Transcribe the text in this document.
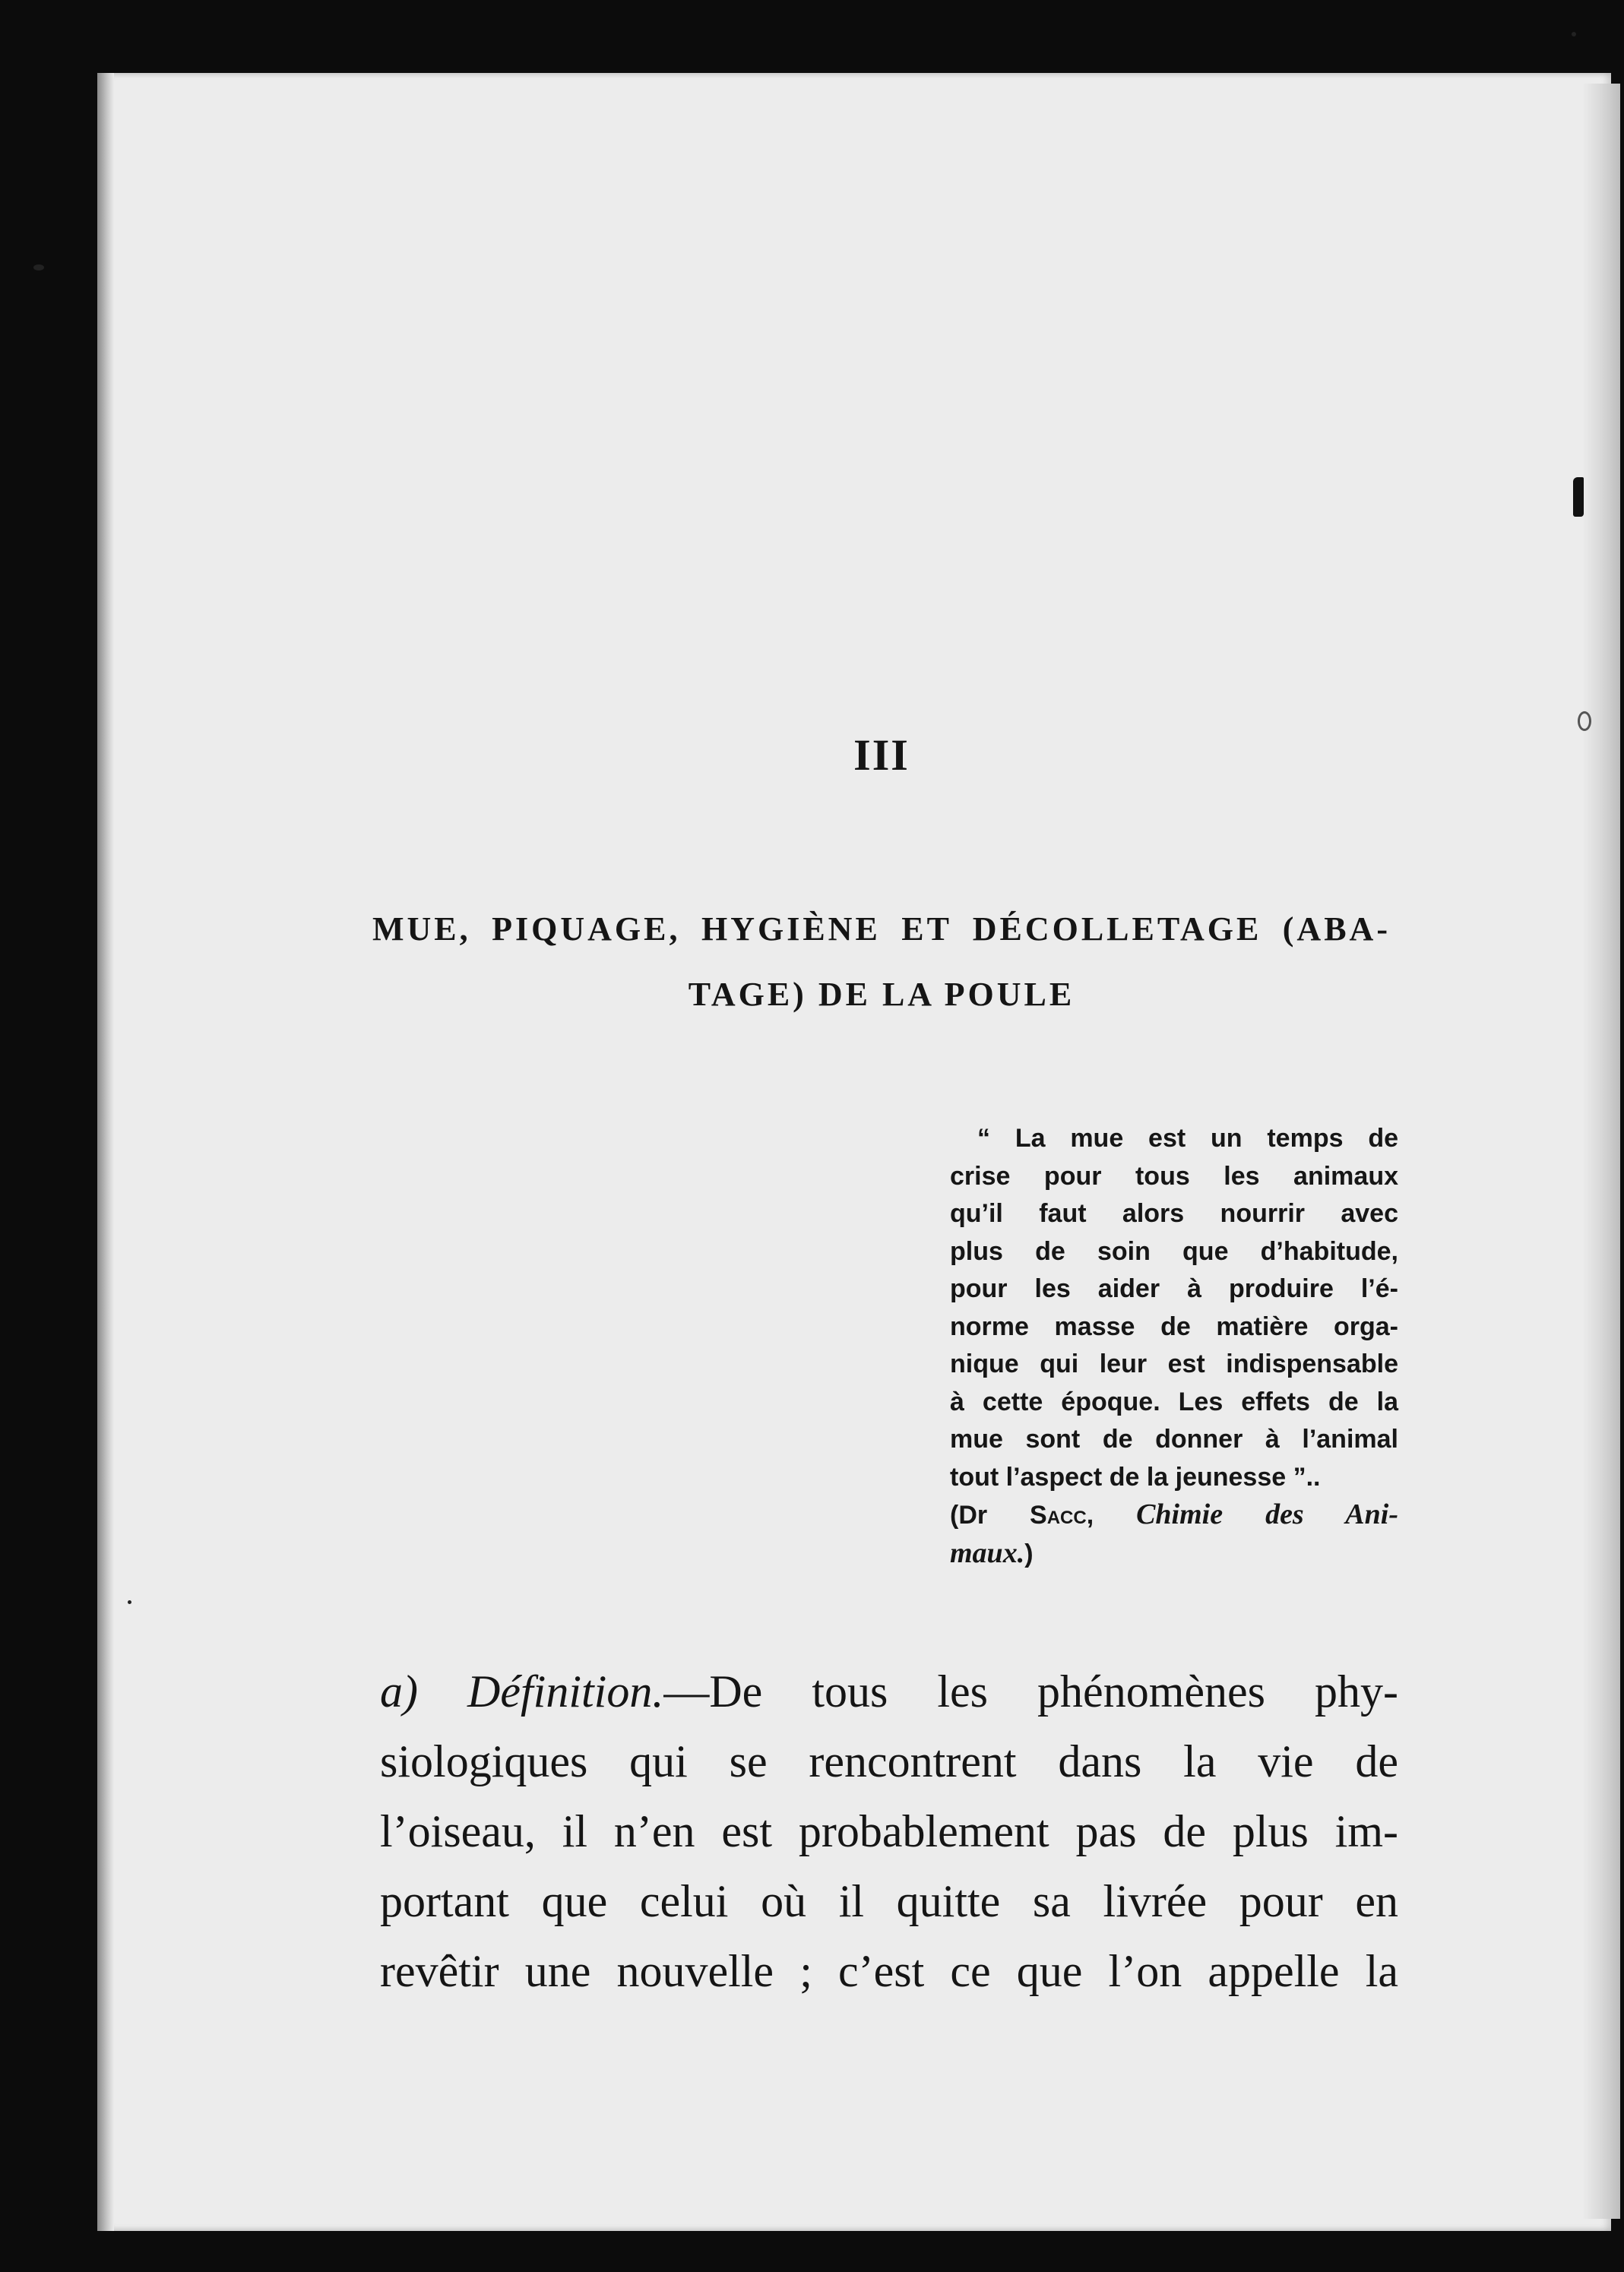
III
MUE, PIQUAGE, HYGIÈNE ET DÉCOLLETAGE (ABA-
TAGE) DE LA POULE
“ La mue est un temps de
crise pour tous les animaux
qu’il faut alors nourrir avec
plus de soin que d’habitude,
pour les aider à produire l’é-
norme masse de matière orga-
nique qui leur est indispensable
à cette époque. Les effets de la
mue sont de donner à l’animal
tout l’aspect de la jeunesse ”..
(Dr Sacc, Chimie des Ani-
maux.)
a) Définition.—De tous les phénomènes phy-
siologiques qui se rencontrent dans la vie de
l’oiseau, il n’en est probablement pas de plus im-
portant que celui où il quitte sa livrée pour en
revêtir une nouvelle ; c’est ce que l’on appelle la
